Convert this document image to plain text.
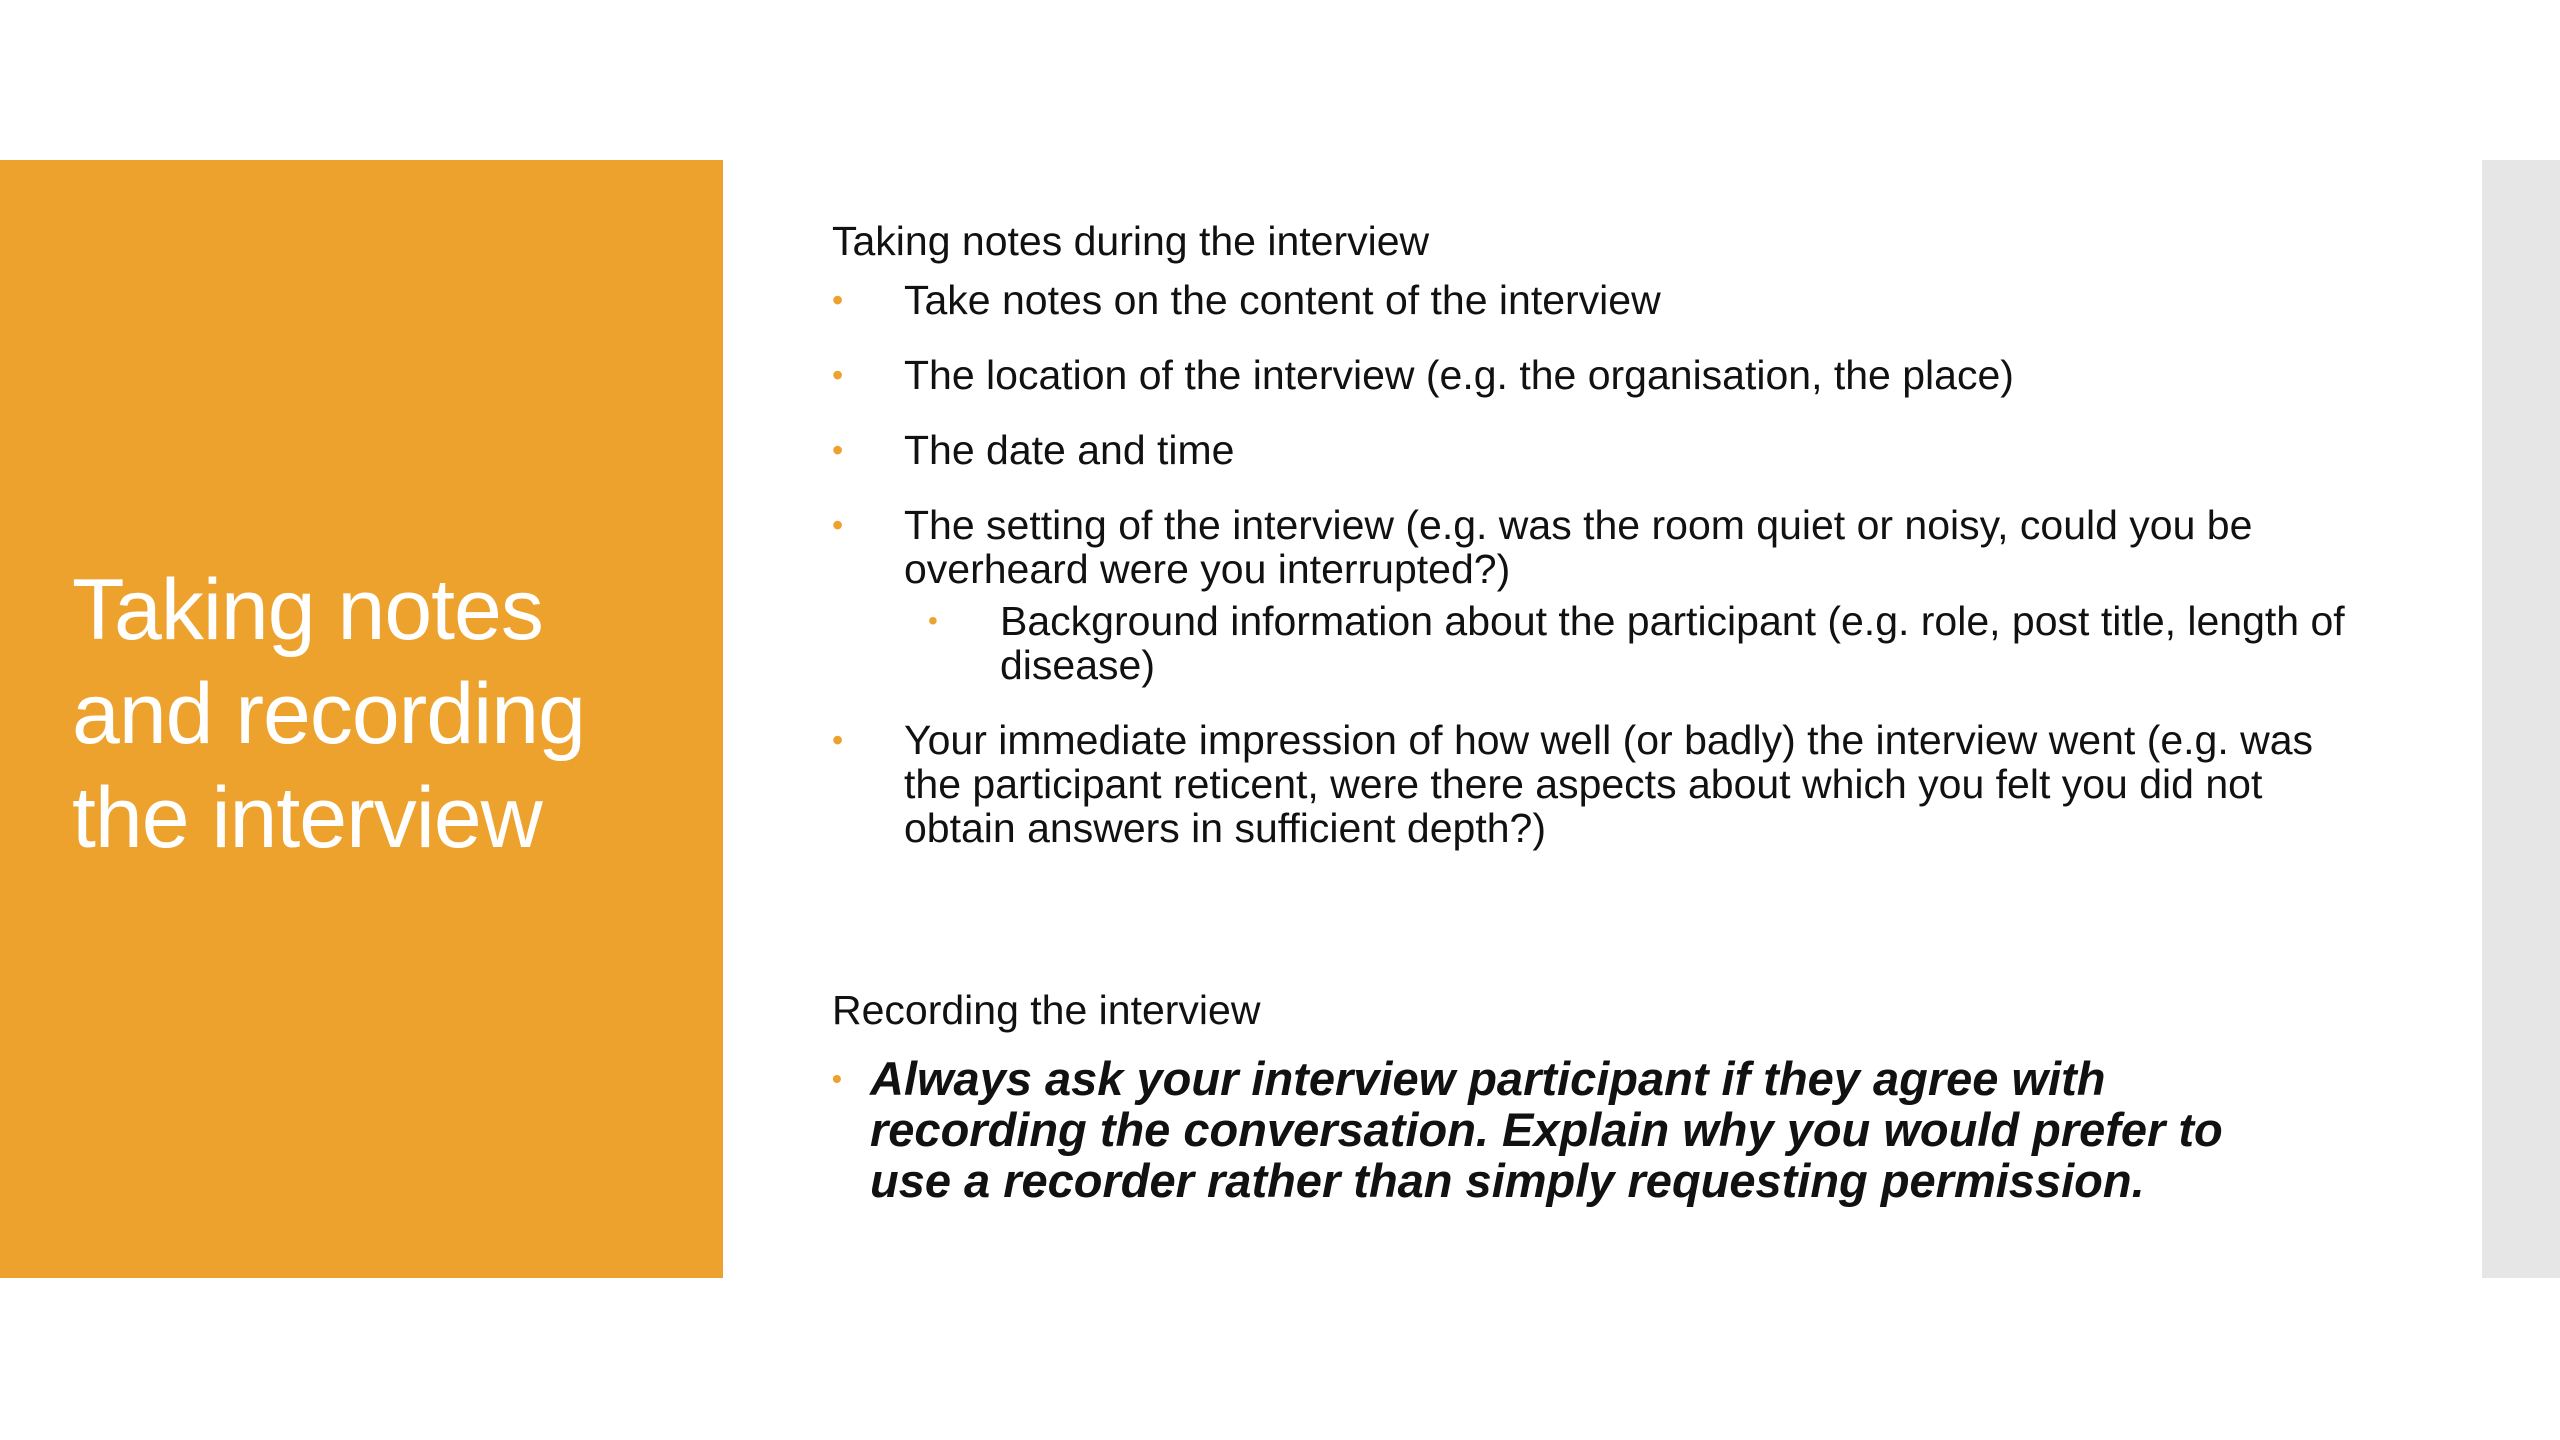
Taking notes and recording the interview

Taking notes during the interview

• Take notes on the content of the interview
• The location of the interview (e.g. the organisation, the place)
• The date and time
• The setting of the interview (e.g. was the room quiet or noisy, could you be overheard were you interrupted?)
• Background information about the participant (e.g. role, post title, length of disease)
• Your immediate impression of how well (or badly) the interview went (e.g. was the participant reticent, were there aspects about which you felt you did not obtain answers in sufficient depth?)

Recording the interview

• Always ask your interview participant if they agree with recording the conversation. Explain why you would prefer to use a recorder rather than simply requesting permission.
